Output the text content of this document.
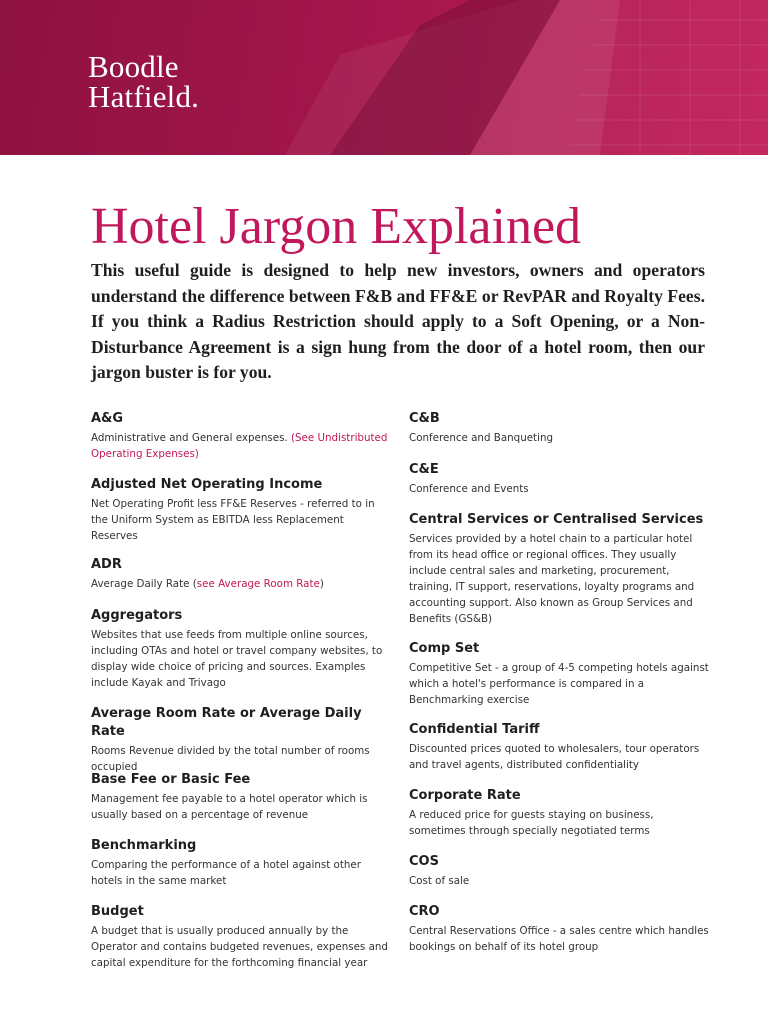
Boodle
Hatfield.
Hotel Jargon Explained

This useful guide is designed to help new investors, owners and operators understand the difference between F&B and FF&E or RevPAR and Royalty Fees. If you think a Radius Restriction should apply to a Soft Opening, or a Non-Disturbance Agreement is a sign hung from the door of a hotel room, then our jargon buster is for you.

A&G
Administrative and General expenses. (See Undistributed Operating Expenses)
Adjusted Net Operating Income
Net Operating Profit less FF&E Reserves - referred to in the Uniform System as EBITDA less Replacement Reserves
ADR
Average Daily Rate (see Average Room Rate)
Aggregators
Websites that use feeds from multiple online sources, including OTAs and hotel or travel company websites, to display wide choice of pricing and sources. Examples include Kayak and Trivago
Average Room Rate or Average Daily Rate
Rooms Revenue divided by the total number of rooms occupied
Base Fee or Basic Fee
Management fee payable to a hotel operator which is usually based on a percentage of revenue
Benchmarking
Comparing the performance of a hotel against other hotels in the same market
Budget
A budget that is usually produced annually by the Operator and contains budgeted revenues, expenses and capital expenditure for the forthcoming financial year
C&B
Conference and Banqueting
C&E
Conference and Events
Central Services or Centralised Services
Services provided by a hotel chain to a particular hotel from its head office or regional offices. They usually include central sales and marketing, procurement, training, IT support, reservations, loyalty programs and accounting support. Also known as Group Services and Benefits (GS&B)
Comp Set
Competitive Set - a group of 4-5 competing hotels against which a hotel's performance is compared in a Benchmarking exercise
Confidential Tariff
Discounted prices quoted to wholesalers, tour operators and travel agents, distributed confidentiality
Corporate Rate
A reduced price for guests staying on business, sometimes through specially negotiated terms
COS
Cost of sale
CRO
Central Reservations Office - a sales centre which handles bookings on behalf of its hotel group
